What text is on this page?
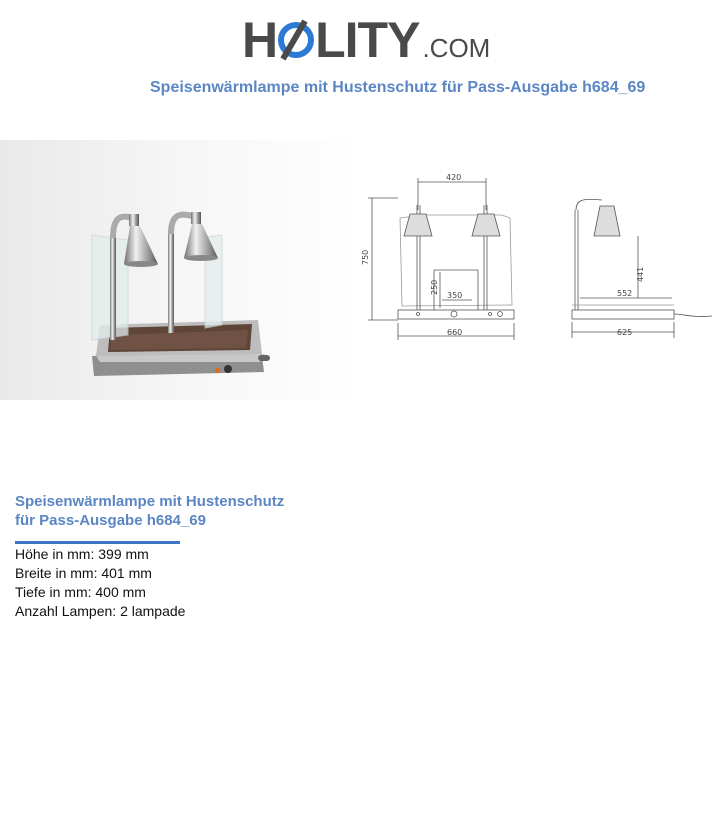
H LITY .COM
Speisenwärmlampe mit Hustenschutz für Pass-Ausgabe h684_69
420
750
250
350
660
441
552
625
Speisenwärmlampe mit Hustenschutz
für Pass-Ausgabe h684_69
Höhe in mm: 399 mm
Breite in mm: 401 mm
Tiefe in mm: 400 mm
Anzahl Lampen: 2 lampade
